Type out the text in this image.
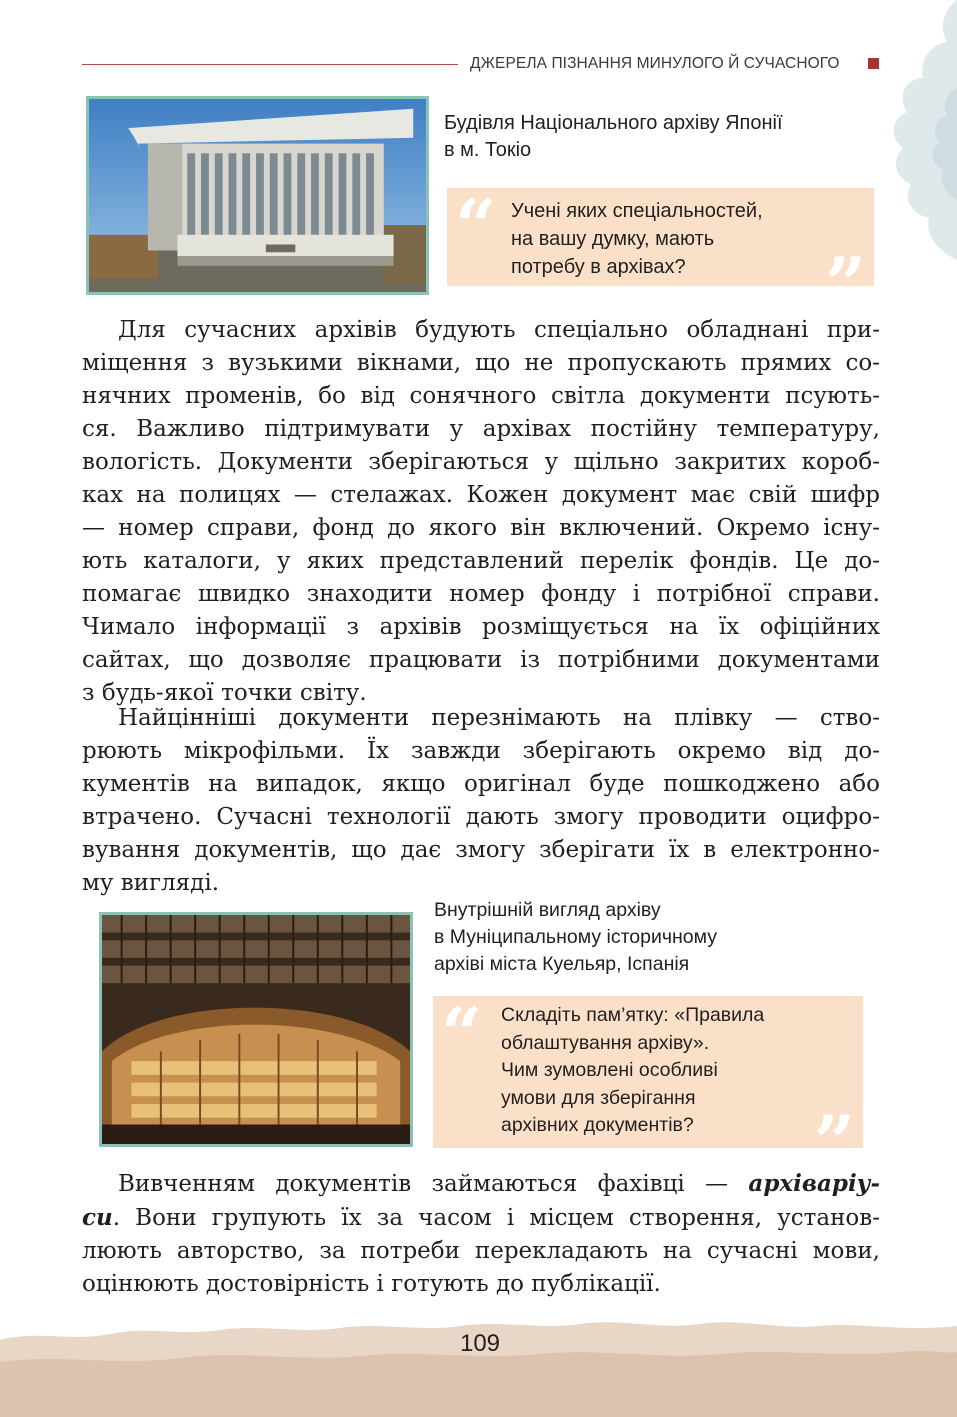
ДЖЕРЕЛА ПІЗНАННЯ МИНУЛОГО Й СУЧАСНОГО
Будівля Національного архіву Японії
в м. Токіо
“ Учені яких спеціальностей,
на вашу думку, мають
потребу в архівах?	”
Для сучасних архівів будують спеціально обладнані при-
міщення з вузькими вікнами, що не пропускають прямих со-
нячних променів, бо від сонячного світла документи псують-
ся. Важливо підтримувати у архівах постійну температуру,
вологість. Документи зберігаються у щільно закритих короб-
ках на полицях — стелажах. Кожен документ має свій шифр
— номер справи, фонд до якого він включений. Окремо існу-
ють каталоги, у яких представлений перелік фондів. Це до-
помагає швидко знаходити номер фонду і потрібної справи.
Чимало інформації з архівів розміщується на їх офіційних
сайтах, що дозволяє працювати із потрібними документами
з будь-якої точки світу.
Найцінніші документи перезнімають на плівку — ство-
рюють мікрофільми. Їх завжди зберігають окремо від до-
кументів на випадок, якщо оригінал буде пошкоджено або
втрачено. Сучасні технології дають змогу проводити оцифро-
вування документів, що дає змогу зберігати їх в електронно-
му вигляді.
Внутрішній вигляд архіву
в Муніципальному історичному
архіві міста Куельяр, Іспанія
“ Складіть пам’ятку: «Правила
облаштування архіву».
Чим зумовлені особливі
умови для зберігання
архівних документів?	”
Вивченням документів займаються фахівці — архіваріу-
си. Вони групують їх за часом і місцем створення, установ-
люють авторство, за потреби перекладають на сучасні мови,
оцінюють достовірність і готують до публікації.
109
